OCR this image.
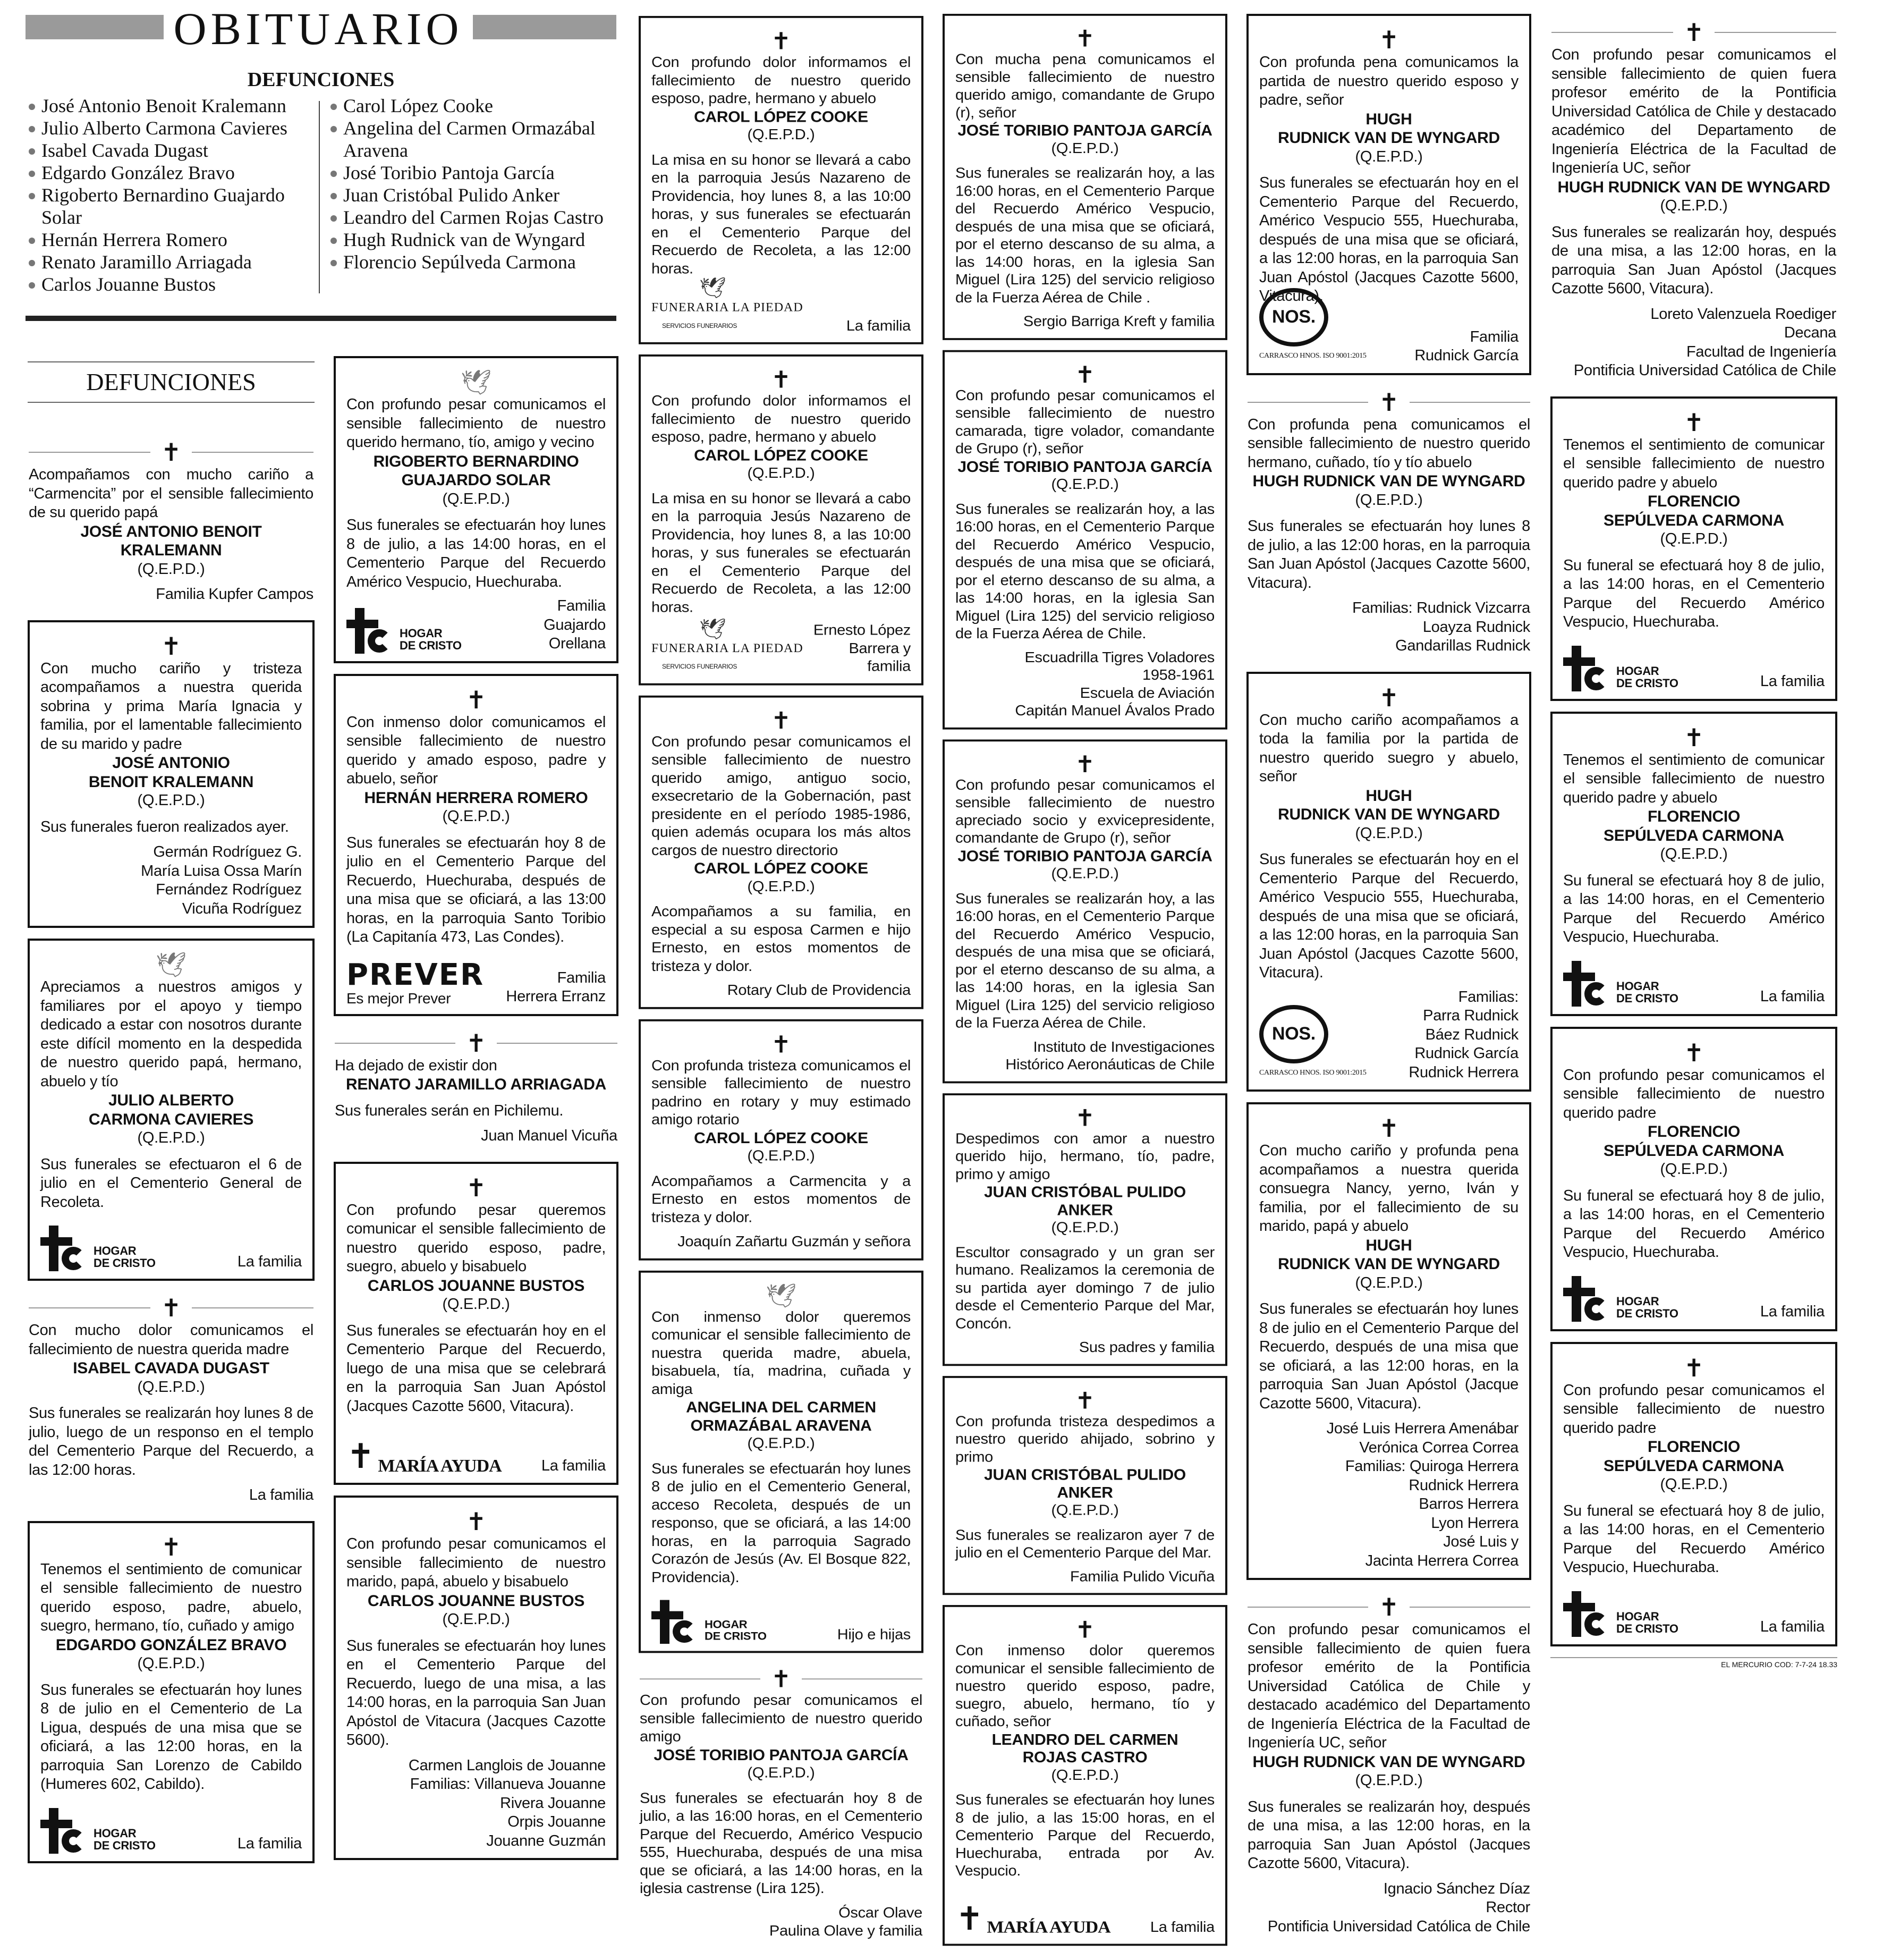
OBITUARIO
DEFUNCIONES
José Antonio Benoit Kralemann
Julio Alberto Carmona Cavieres
Isabel Cavada Dugast
Edgardo González Bravo
Rigoberto Bernardino Guajardo Solar
Hernán Herrera Romero
Renato Jaramillo Arriagada
Carlos Jouanne Bustos
Carol López Cooke
Angelina del Carmen Ormazábal Aravena
José Toribio Pantoja García
Juan Cristóbal Pulido Anker
Leandro del Carmen Rojas Castro
Hugh Rudnick van de Wyngard
Florencio Sepúlveda Carmona
DEFUNCIONES
✝
Acompañamos con mucho cariño a “Carmencita” por el sensible fallecimiento de su querido papá
JOSÉ ANTONIO BENOIT KRALEMANN
(Q.E.P.D.)
Familia Kupfer Campos
✝
Con mucho cariño y tristeza acompañamos a nuestra querida sobrina y prima María Ignacia y familia, por el lamentable fallecimiento de su marido y padre
JOSÉ ANTONIO
BENOIT KRALEMANN
(Q.E.P.D.)
Sus funerales fueron realizados ayer.
Germán Rodríguez G.
María Luisa Ossa Marín
Fernández Rodríguez
Vicuña Rodríguez
🕊
Apreciamos a nuestros amigos y familiares por el apoyo y tiempo dedicado a estar con nosotros durante este difícil momento en la despedida de nuestro querido papá, hermano, abuelo y tío
JULIO ALBERTO
CARMONA CAVIERES
(Q.E.P.D.)
Sus funerales se efectuaron el 6 de julio en el Cementerio General de Recoleta.
HOGAR
DE CRISTO	La familia
✝
Con mucho dolor comunicamos el fallecimiento de nuestra querida madre
ISABEL CAVADA DUGAST
(Q.E.P.D.)
Sus funerales se realizarán hoy lunes 8 de julio, luego de un responso en el templo del Cementerio Parque del Recuerdo, a las 12:00 horas.
La familia
✝
Tenemos el sentimiento de comunicar el sensible fallecimiento de nuestro querido esposo, padre, abuelo, suegro, hermano, tío, cuñado y amigo
EDGARDO GONZÁLEZ BRAVO
(Q.E.P.D.)
Sus funerales se efectuarán hoy lunes 8 de julio en el Cementerio de La Ligua, después de una misa que se oficiará, a las 12:00 horas, en la parroquia San Lorenzo de Cabildo (Humeres 602, Cabildo).
HOGAR
DE CRISTO	La familia
🕊
Con profundo pesar comunicamos el sensible fallecimiento de nuestro querido hermano, tío, amigo y vecino
RIGOBERTO BERNARDINO
GUAJARDO SOLAR
(Q.E.P.D.)
Sus funerales se efectuarán hoy lunes 8 de julio, a las 14:00 horas, en el Cementerio Parque del Recuerdo Américo Vespucio, Huechuraba.
HOGAR
DE CRISTO
Familia
Guajardo
Orellana
✝
Con inmenso dolor comunicamos el sensible fallecimiento de nuestro querido y amado esposo, padre y abuelo, señor
HERNÁN HERRERA ROMERO
(Q.E.P.D.)
Sus funerales se efectuarán hoy 8 de julio en el Cementerio Parque del Recuerdo, Huechuraba, después de una misa que se oficiará, a las 13:00 horas, en la parroquia Santo Toribio (La Capitanía 473, Las Condes).
PREVER
Es mejor Prever
Familia
Herrera Erranz
✝
Ha dejado de existir don
RENATO JARAMILLO ARRIAGADA
Sus funerales serán en Pichilemu.
Juan Manuel Vicuña
✝
Con profundo pesar queremos comunicar el sensible fallecimiento de nuestro querido esposo, padre, suegro, abuelo y bisabuelo
CARLOS JOUANNE BUSTOS
(Q.E.P.D.)
Sus funerales se efectuarán hoy en el Cementerio Parque del Recuerdo, luego de una misa que se celebrará en la parroquia San Juan Apóstol (Jacques Cazotte 5600, Vitacura).
✝ MARÍA AYUDA	La familia
✝
Con profundo pesar comunicamos el sensible fallecimiento de nuestro marido, papá, abuelo y bisabuelo
CARLOS JOUANNE BUSTOS
(Q.E.P.D.)
Sus funerales se efectuarán hoy lunes en el Cementerio Parque del Recuerdo, luego de una misa, a las 14:00 horas, en la parroquia San Juan Apóstol de Vitacura (Jacques Cazotte 5600).
Carmen Langlois de Jouanne
Familias: Villanueva Jouanne
Rivera Jouanne
Orpis Jouanne
Jouanne Guzmán
✝
Con profundo dolor informamos el fallecimiento de nuestro querido esposo, padre, hermano y abuelo
CAROL LÓPEZ COOKE
(Q.E.P.D.)
La misa en su honor se llevará a cabo en la parroquia Jesús Nazareno de Providencia, hoy lunes 8, a las 10:00 horas, y sus funerales se efectuarán en el Cementerio Parque del Recuerdo de Recoleta, a las 12:00 horas.
🕊
FUNERARIA LA PIEDAD
SERVICIOS FUNERARIOS	La familia
✝
Con profundo dolor informamos el fallecimiento de nuestro querido esposo, padre, hermano y abuelo
CAROL LÓPEZ COOKE
(Q.E.P.D.)
La misa en su honor se llevará a cabo en la parroquia Jesús Nazareno de Providencia, hoy lunes 8, a las 10:00 horas, y sus funerales se efectuarán en el Cementerio Parque del Recuerdo de Recoleta, a las 12:00 horas.
🕊
FUNERARIA LA PIEDAD
SERVICIOS FUNERARIOS
Ernesto López
Barrera y
familia
✝
Con profundo pesar comunicamos el sensible fallecimiento de nuestro querido amigo, antiguo socio, exsecretario de la Gobernación, past presidente en el período 1985-1986, quien además ocupara los más altos cargos de nuestro directorio
CAROL LÓPEZ COOKE
(Q.E.P.D.)
Acompañamos a su familia, en especial a su esposa Carmen e hijo Ernesto, en estos momentos de tristeza y dolor.
Rotary Club de Providencia
✝
Con profunda tristeza comunicamos el sensible fallecimiento de nuestro padrino en rotary y muy estimado amigo rotario
CAROL LÓPEZ COOKE
(Q.E.P.D.)
Acompañamos a Carmencita y a Ernesto en estos momentos de tristeza y dolor.
Joaquín Zañartu Guzmán y señora
🕊
Con inmenso dolor queremos comunicar el sensible fallecimiento de nuestra querida madre, abuela, bisabuela, tía, madrina, cuñada y amiga
ANGELINA DEL CARMEN
ORMAZÁBAL ARAVENA
(Q.E.P.D.)
Sus funerales se efectuarán hoy lunes 8 de julio en el Cementerio General, acceso Recoleta, después de un responso, que se oficiará, a las 14:00 horas, en la parroquia Sagrado Corazón de Jesús (Av. El Bosque 822, Providencia).
HOGAR
DE CRISTO	Hijo e hijas
✝
Con profundo pesar comunicamos el sensible fallecimiento de nuestro querido amigo
JOSÉ TORIBIO PANTOJA GARCÍA
(Q.E.P.D.)
Sus funerales se efectuarán hoy 8 de julio, a las 16:00 horas, en el Cementerio Parque del Recuerdo, Américo Vespucio 555, Huechuraba, después de una misa que se oficiará, a las 14:00 horas, en la iglesia castrense (Lira 125).
Óscar Olave
Paulina Olave y familia
✝
Con mucha pena comunicamos el sensible fallecimiento de nuestro querido amigo, comandante de Grupo (r), señor
JOSÉ TORIBIO PANTOJA GARCÍA
(Q.E.P.D.)
Sus funerales se realizarán hoy, a las 16:00 horas, en el Cementerio Parque del Recuerdo Américo Vespucio, después de una misa que se oficiará, por el eterno descanso de su alma, a las 14:00 horas, en la iglesia San Miguel (Lira 125) del servicio religioso de la Fuerza Aérea de Chile .
Sergio Barriga Kreft y familia
✝
Con profundo pesar comunicamos el sensible fallecimiento de nuestro camarada, tigre volador, comandante de Grupo (r), señor
JOSÉ TORIBIO PANTOJA GARCÍA
(Q.E.P.D.)
Sus funerales se realizarán hoy, a las 16:00 horas, en el Cementerio Parque del Recuerdo Américo Vespucio, después de una misa que se oficiará, por el eterno descanso de su alma, a las 14:00 horas, en la iglesia San Miguel (Lira 125) del servicio religioso de la Fuerza Aérea de Chile.
Escuadrilla Tigres Voladores
1958-1961
Escuela de Aviación
Capitán Manuel Ávalos Prado
✝
Con profundo pesar comunicamos el sensible fallecimiento de nuestro apreciado socio y exvicepresidente, comandante de Grupo (r), señor
JOSÉ TORIBIO PANTOJA GARCÍA
(Q.E.P.D.)
Sus funerales se realizarán hoy, a las 16:00 horas, en el Cementerio Parque del Recuerdo Américo Vespucio, después de una misa que se oficiará, por el eterno descanso de su alma, a las 14:00 horas, en la iglesia San Miguel (Lira 125) del servicio religioso de la Fuerza Aérea de Chile.
Instituto de Investigaciones
Histórico Aeronáuticas de Chile
✝
Despedimos con amor a nuestro querido hijo, hermano, tío, padre, primo y amigo
JUAN CRISTÓBAL PULIDO ANKER
(Q.E.P.D.)
Escultor consagrado y un gran ser humano. Realizamos la ceremonia de su partida ayer domingo 7 de julio desde el Cementerio Parque del Mar, Concón.
Sus padres y familia
✝
Con profunda tristeza despedimos a nuestro querido ahijado, sobrino y primo
JUAN CRISTÓBAL PULIDO ANKER
(Q.E.P.D.)
Sus funerales se realizaron ayer 7 de julio en el Cementerio Parque del Mar.
Familia Pulido Vicuña
✝
Con inmenso dolor queremos comunicar el sensible fallecimiento de nuestro querido esposo, padre, suegro, abuelo, hermano, tío y cuñado, señor
LEANDRO DEL CARMEN
ROJAS CASTRO
(Q.E.P.D.)
Sus funerales se efectuarán hoy lunes 8 de julio, a las 15:00 horas, en el Cementerio Parque del Recuerdo, Huechuraba, entrada por Av. Vespucio.
✝ MARÍA AYUDA	La familia
✝
Con profunda pena comunicamos la partida de nuestro querido esposo y padre, señor
HUGH
RUDNICK VAN DE WYNGARD
(Q.E.P.D.)
Sus funerales se efectuarán hoy en el Cementerio Parque del Recuerdo, Américo Vespucio 555, Huechuraba, después de una misa que se oficiará, a las 12:00 horas, en la parroquia San Juan Apóstol (Jacques Cazotte 5600, Vitacura).
NOS.
CARRASCO HNOS. ISO 9001:2015
Familia
Rudnick García
✝
Con profunda pena comunicamos el sensible fallecimiento de nuestro querido hermano, cuñado, tío y tío abuelo
HUGH RUDNICK VAN DE WYNGARD
(Q.E.P.D.)
Sus funerales se efectuarán hoy lunes 8 de julio, a las 12:00 horas, en la parroquia San Juan Apóstol (Jacques Cazotte 5600, Vitacura).
Familias: Rudnick Vizcarra
Loayza Rudnick
Gandarillas Rudnick
✝
Con mucho cariño acompañamos a toda la familia por la partida de nuestro querido suegro y abuelo, señor
HUGH
RUDNICK VAN DE WYNGARD
(Q.E.P.D.)
Sus funerales se efectuarán hoy en el Cementerio Parque del Recuerdo, Américo Vespucio 555, Huechuraba, después de una misa que se oficiará, a las 12:00 horas, en la parroquia San Juan Apóstol (Jacques Cazotte 5600, Vitacura).
NOS.
CARRASCO HNOS. ISO 9001:2015
Familias:
Parra Rudnick
Báez Rudnick
Rudnick García
Rudnick Herrera
✝
Con mucho cariño y profunda pena acompañamos a nuestra querida consuegra Nancy, yerno, Iván y familia, por el fallecimiento de su marido, papá y abuelo
HUGH
RUDNICK VAN DE WYNGARD
(Q.E.P.D.)
Sus funerales se efectuarán hoy lunes 8 de julio en el Cementerio Parque del Recuerdo, después de una misa que se oficiará, a las 12:00 horas, en la parroquia San Juan Apóstol (Jacque Cazotte 5600, Vitacura).
José Luis Herrera Amenábar
Verónica Correa Correa
Familias: Quiroga Herrera
Rudnick Herrera
Barros Herrera
Lyon Herrera
José Luis y
Jacinta Herrera Correa
✝
Con profundo pesar comunicamos el sensible fallecimiento de quien fuera profesor emérito de la Pontificia Universidad Católica de Chile y destacado académico del Departamento de Ingeniería Eléctrica de la Facultad de Ingeniería UC, señor
HUGH RUDNICK VAN DE WYNGARD
(Q.E.P.D.)
Sus funerales se realizarán hoy, después de una misa, a las 12:00 horas, en la parroquia San Juan Apóstol (Jacques Cazotte 5600, Vitacura).
Ignacio Sánchez Díaz
Rector
Pontificia Universidad Católica de Chile
✝
Con profundo pesar comunicamos el sensible fallecimiento de quien fuera profesor emérito de la Pontificia Universidad Católica de Chile y destacado académico del Departamento de Ingeniería Eléctrica de la Facultad de Ingeniería UC, señor
HUGH RUDNICK VAN DE WYNGARD
(Q.E.P.D.)
Sus funerales se realizarán hoy, después de una misa, a las 12:00 horas, en la parroquia San Juan Apóstol (Jacques Cazotte 5600, Vitacura).
Loreto Valenzuela Roediger
Decana
Facultad de Ingeniería
Pontificia Universidad Católica de Chile
✝
Tenemos el sentimiento de comunicar el sensible fallecimiento de nuestro querido padre y abuelo
FLORENCIO
SEPÚLVEDA CARMONA
(Q.E.P.D.)
Su funeral se efectuará hoy 8 de julio, a las 14:00 horas, en el Cementerio Parque del Recuerdo Américo Vespucio, Huechuraba.
HOGAR
DE CRISTO	La familia
✝
Tenemos el sentimiento de comunicar el sensible fallecimiento de nuestro querido padre y abuelo
FLORENCIO
SEPÚLVEDA CARMONA
(Q.E.P.D.)
Su funeral se efectuará hoy 8 de julio, a las 14:00 horas, en el Cementerio Parque del Recuerdo Américo Vespucio, Huechuraba.
HOGAR
DE CRISTO	La familia
✝
Con profundo pesar comunicamos el sensible fallecimiento de nuestro querido padre
FLORENCIO
SEPÚLVEDA CARMONA
(Q.E.P.D.)
Su funeral se efectuará hoy 8 de julio, a las 14:00 horas, en el Cementerio Parque del Recuerdo Américo Vespucio, Huechuraba.
HOGAR
DE CRISTO	La familia
✝
Con profundo pesar comunicamos el sensible fallecimiento de nuestro querido padre
FLORENCIO
SEPÚLVEDA CARMONA
(Q.E.P.D.)
Su funeral se efectuará hoy 8 de julio, a las 14:00 horas, en el Cementerio Parque del Recuerdo Américo Vespucio, Huechuraba.
HOGAR
DE CRISTO	La familia
EL MERCURIO COD: 7-7-24 18.33
